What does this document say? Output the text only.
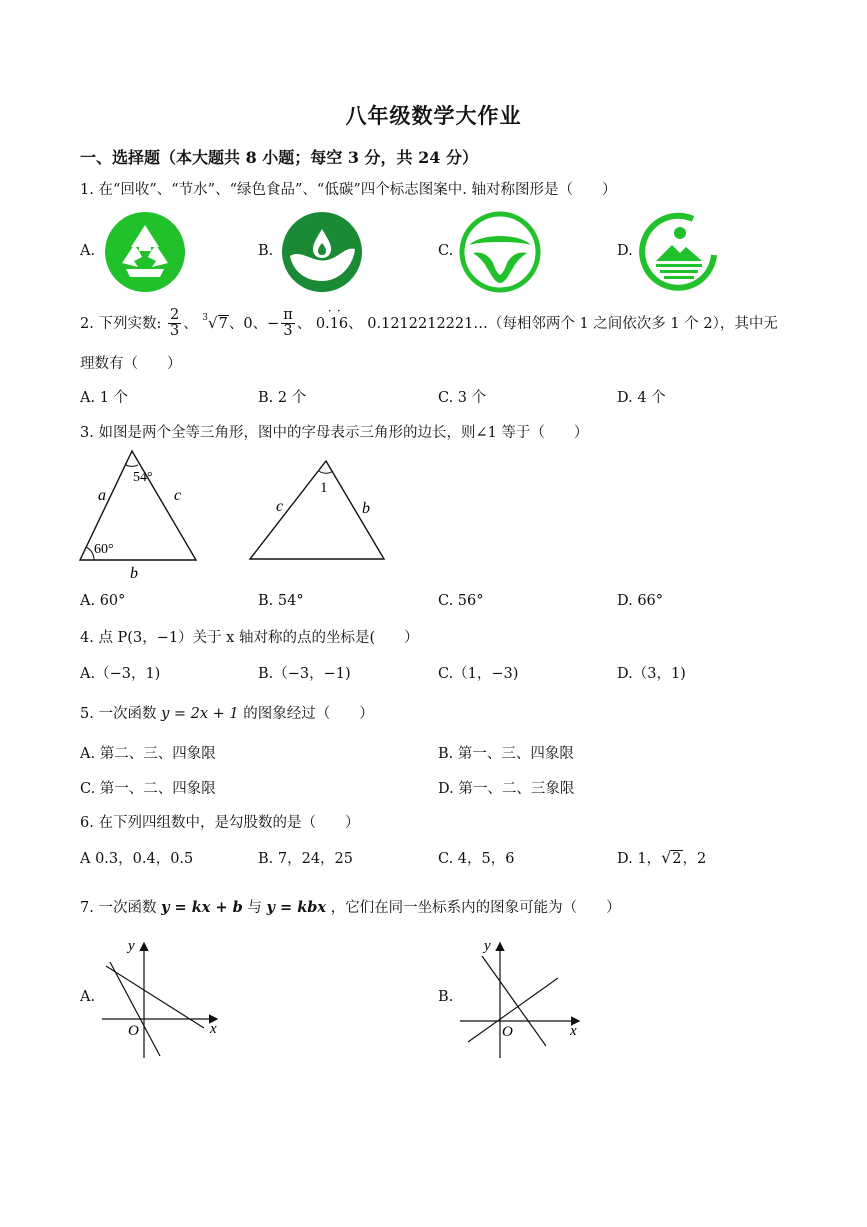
八年级数学大作业
一、选择题（本大题共 8 小题；每空 3 分，共 24 分）
1. 在“回收”、“节水”、“绿色食品”、“低碳”四个标志图案中. 轴对称图形是（　　）
A.	B.	C.	D.
2. 下列实数: $\frac{2}{3}$ 、 $^3$√7、0、− $\frac{\pi}{3}$ 、 0.16
· ·
、 0.1212212221…（每相邻两个 1 之间依次多 1 个 2），其中无
理数有（　　）
A. 1 个	B. 2 个	C. 3 个	D. 4 个
3. 如图是两个全等三角形，图中的字母表示三角形的边长，则∠1 等于（　　）
54°
60°
a	c
b
1
c	b
A. 60°	B. 54°	C. 56°	D. 66°
4. 点 P(3，−1）关于 x 轴对称的点的坐标是(　　）
A.（−3，1)	B.（−3，−1)	C.（1，−3)	D.（3，1)
5. 一次函数 y = 2x + 1 的图象经过（　　）
A. 第二、三、四象限	B. 第一、三、四象限
C. 第一、二、四象限	D. 第一、二、三象限
6. 在下列四组数中，是勾股数的是（　　）
A 0.3，0.4，0.5	B. 7，24，25	C. 4，5，6	D. 1，√2，2
7. 一次函数 y = kx + b 与 y = kbx ，它们在同一坐标系内的图象可能为（　　）
A.
y
x
O
B.
y
x
O
